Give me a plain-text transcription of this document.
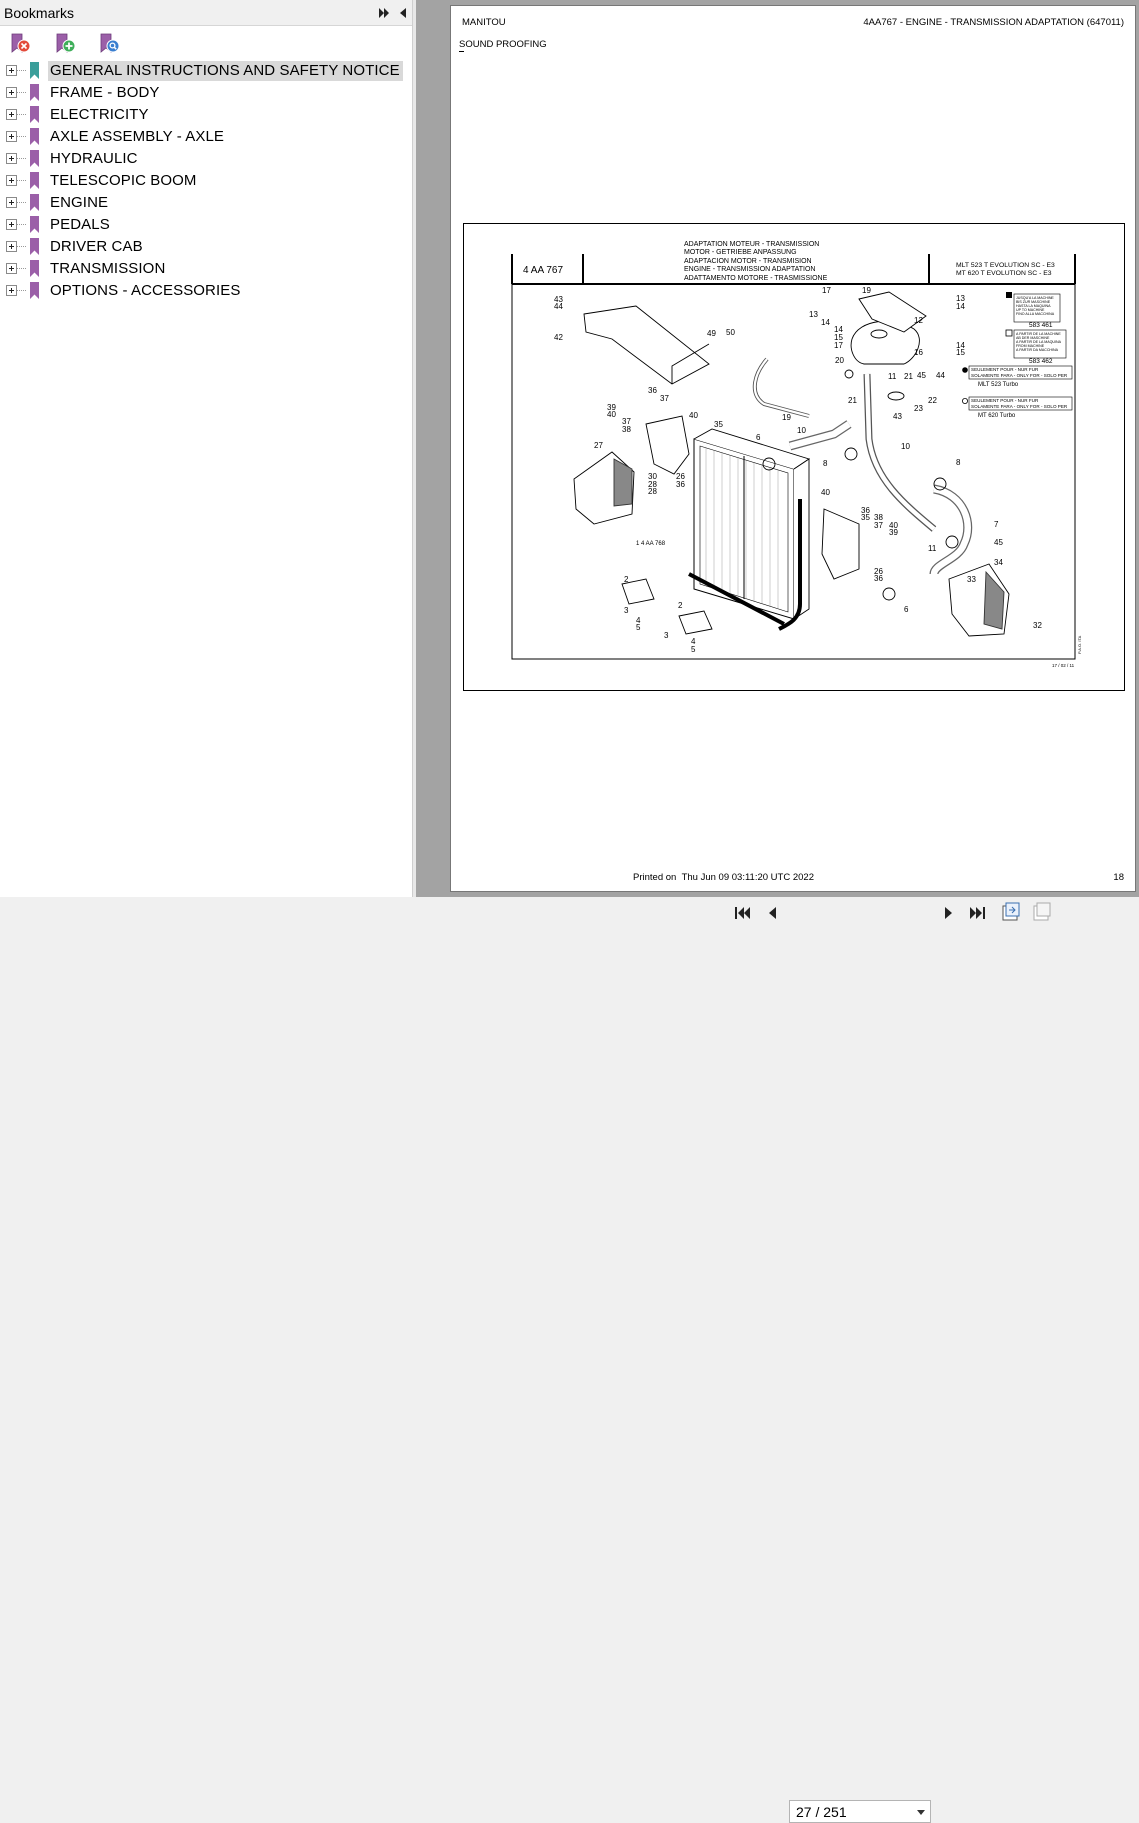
Bookmarks
GENERAL INSTRUCTIONS AND SAFETY NOTICE
FRAME - BODY
ELECTRICITY
AXLE ASSEMBLY - AXLE
HYDRAULIC
TELESCOPIC BOOM
ENGINE
PEDALS
DRIVER CAB
TRANSMISSION
OPTIONS - ACCESSORIES
MANITOU	4AA767 - ENGINE - TRANSMISSION ADAPTATION (647011)
SOUND PROOFING
4 AA 767
ADAPTATION MOTEUR - TRANSMISSION
MOTOR - GETRIEBE ANPASSUNG
ADAPTACION MOTOR - TRANSMISION
ENGINE - TRANSMISSION ADAPTATION
ADATTAMENTO MOTORE - TRASMISSIONE
MLT 523 T EVOLUTION SC - E3
MT 620 T EVOLUTION SC - E3
JUSQU'A LA MACHINE
BIS ZUR MASCHINE
HASTA LA MAQUINA
UP TO MACHINE
FINO ALLA MACCHINA
583 461
A PARTIR DE LA MACHINE
AB DER MASCHINE
A PARTIR DE LA MAQUINA
FROM MACHINE
A PARTIR DA MACCHINA
583 462
SEULEMENT POUR - NUR FUR
SOLAMENTE PARA - ONLY FOR - SOLO PER
MLT 523 Turbo
SEULEMENT POUR - NUR FUR
SOLAMENTE PARA - ONLY FOR - SOLO PER
MT 620 Turbo
43
44
42	49 50
17	19
13
14
14
15
17
12
16
13
14
14
15
20
11 21 45 44
22
23
43
21
19
10
10
6
8	8
7
45
11
34
33
32
35
40
36
37
39
40
37
38
27
30
28
28
26
36
40
36
35 38
37 40
39
26
36
6
2
3
4
5
2
3
4
5
1 4 AA 768
17 / 02 / 11
P.A.O. ITA
Printed on Thu Jun 09 03:11:20 UTC 2022	18
27 / 251
